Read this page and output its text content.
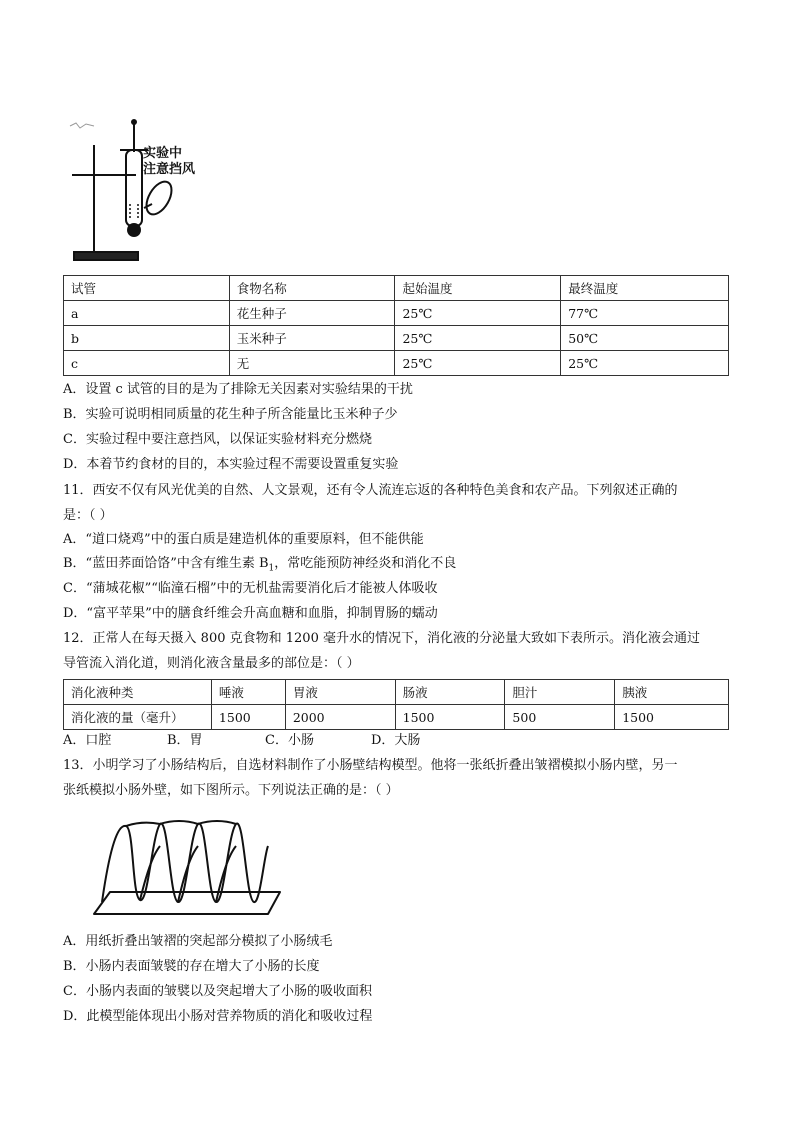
实验中
注意挡风
试管	食物名称	起始温度	最终温度
a	花生种子	25℃	77℃
b	玉米种子	25℃	50℃
c	无	25℃	25℃
A．设置 c 试管的目的是为了排除无关因素对实验结果的干扰
B．实验可说明相同质量的花生种子所含能量比玉米种子少
C．实验过程中要注意挡风，以保证实验材料充分燃烧
D．本着节约食材的目的，本实验过程不需要设置重复实验
11．西安不仅有风光优美的自然、人文景观，还有令人流连忘返的各种特色美食和农产品。下列叙述正确的
是：（ ）
A．“道口烧鸡”中的蛋白质是建造机体的重要原料，但不能供能
B．“蓝田荞面饸饹”中含有维生素 $B_1$，常吃能预防神经炎和消化不良
C．“蒲城花椒”“临潼石榴”中的无机盐需要消化后才能被人体吸收
D．“富平苹果”中的膳食纤维会升高血糖和血脂，抑制胃肠的蠕动
12．正常人在每天摄入 800 克食物和 1200 毫升水的情况下，消化液的分泌量大致如下表所示。消化液会通过
导管流入消化道，则消化液含量最多的部位是：（ ）
消化液种类	唾液	胃液	肠液	胆汁	胰液
消化液的量（毫升）	1500	2000	1500	500	1500
A．口腔	B．胃	C．小肠	D．大肠
13．小明学习了小肠结构后，自选材料制作了小肠壁结构模型。他将一张纸折叠出皱褶模拟小肠内壁，另一
张纸模拟小肠外壁，如下图所示。下列说法正确的是：（ ）
A．用纸折叠出皱褶的突起部分模拟了小肠绒毛
B．小肠内表面皱襞的存在增大了小肠的长度
C．小肠内表面的皱襞以及突起增大了小肠的吸收面积
D．此模型能体现出小肠对营养物质的消化和吸收过程
